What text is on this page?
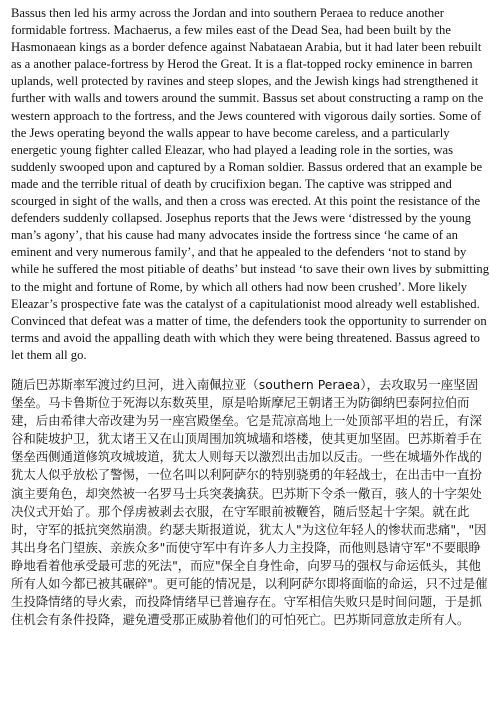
Bassus then led his army across the Jordan and into southern Peraea to reduce another formidable fortress. Machaerus, a few miles east of the Dead Sea, had been built by the Hasmonaean kings as a border defence against Nabataean Arabia, but it had later been rebuilt as a another palace-fortress by Herod the Great. It is a flat-topped rocky eminence in barren uplands, well protected by ravines and steep slopes, and the Jewish kings had strengthened it further with walls and towers around the summit. Bassus set about constructing a ramp on the western approach to the fortress, and the Jews countered with vigorous daily sorties. Some of the Jews operating beyond the walls appear to have become careless, and a particularly energetic young fighter called Eleazar, who had played a leading role in the sorties, was suddenly swooped upon and captured by a Roman soldier. Bassus ordered that an example be made and the terrible ritual of death by crucifixion began. The captive was stripped and scourged in sight of the walls, and then a cross was erected. At this point the resistance of the defenders suddenly collapsed. Josephus reports that the Jews were ‘distressed by the young man’s agony’, that his cause had many advocates inside the fortress since ‘he came of an eminent and very numerous family’, and that he appealed to the defenders ‘not to stand by while he suffered the most pitiable of deaths’ but instead ‘to save their own lives by submitting to the might and fortune of Rome, by which all others had now been crushed’. More likely Eleazar’s prospective fate was the catalyst of a capitulationist mood already well established. Convinced that defeat was a matter of time, the defenders took the opportunity to surrender on terms and avoid the appalling death with which they were being threatened. Bassus agreed to let them all go.

随后巴苏斯率军渡过约旦河，进入南佩拉亚（southern Peraea），去攻取另一座坚固堡垒。马卡鲁斯位于死海以东数英里，原是哈斯摩尼王朝诸王为防御纳巴泰阿拉伯而建，后由希律大帝改建为另一座宫殿堡垒。它是荒凉高地上一处顶部平坦的岩丘，有深谷和陡坡护卫，犹太诸王又在山顶周围加筑城墙和塔楼，使其更加坚固。巴苏斯着手在堡垒西侧通道修筑攻城坡道，犹太人则每天以激烈出击加以反击。一些在城墙外作战的犹太人似乎放松了警惕，一位名叫以利阿萨尔的特别骁勇的年轻战士，在出击中一直扮演主要角色，却突然被一名罗马士兵突袭擒获。巴苏斯下令杀一儆百，骇人的十字架处决仪式开始了。那个俘虏被剥去衣服，在守军眼前被鞭笞，随后竖起十字架。就在此时，守军的抵抗突然崩溃。约瑟夫斯报道说，犹太人"为这位年轻人的惨状而悲痛"，"因其出身名门望族、亲族众多"而使守军中有许多人力主投降，而他则恳请守军"不要眼睁睁地看着他承受最可悲的死法"，而应"保全自身性命，向罗马的强权与命运低头，其他所有人如今都已被其碾碎"。更可能的情况是，以利阿萨尔即将面临的命运，只不过是催生投降情绪的导火索，而投降情绪早已普遍存在。守军相信失败只是时间问题，于是抓住机会有条件投降，避免遭受那正威胁着他们的可怕死亡。巴苏斯同意放走所有人。
